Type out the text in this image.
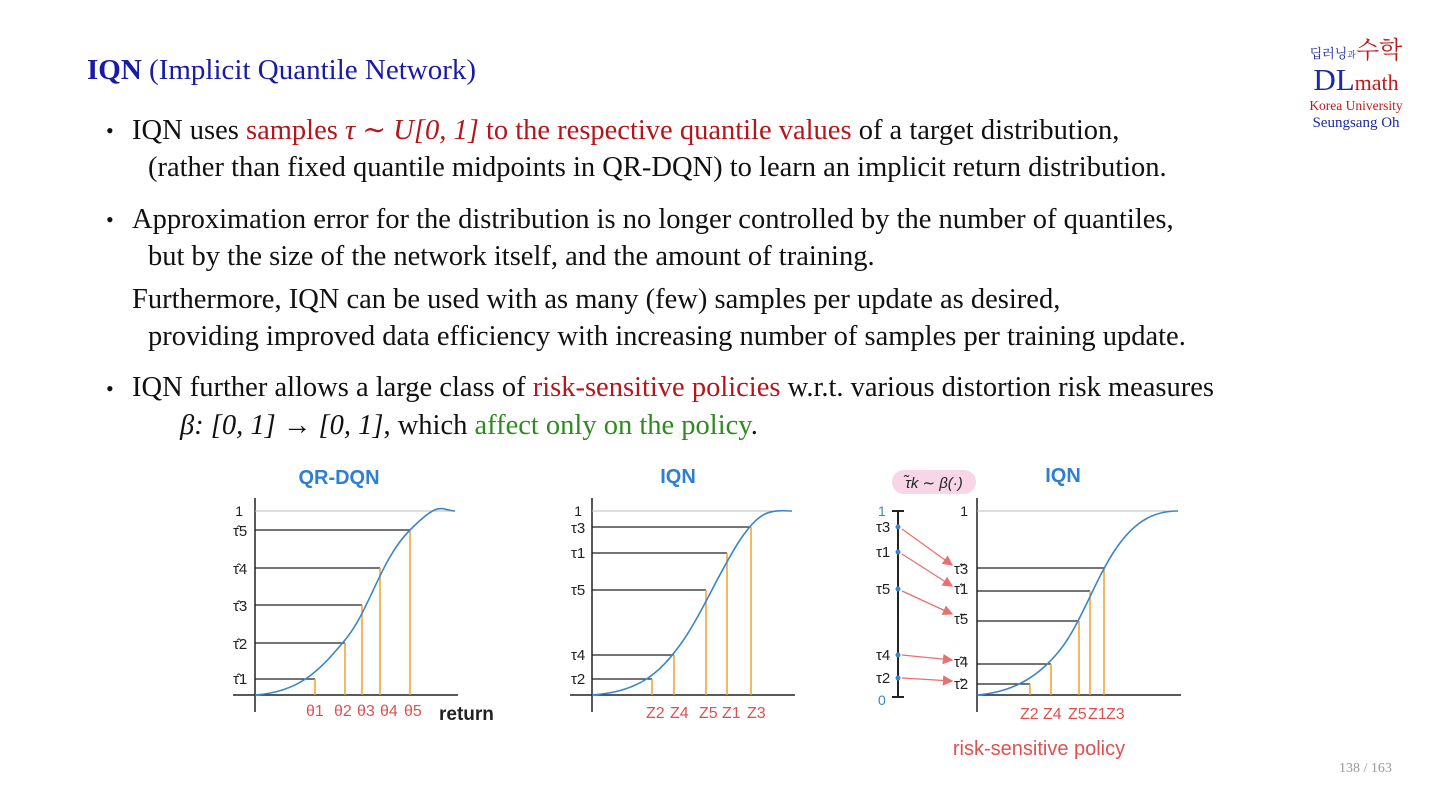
IQN (Implicit Quantile Network)
• IQN uses samples τ ∼ U[0, 1] to the respective quantile values of a target distribution,
(rather than fixed quantile midpoints in QR-DQN) to learn an implicit return distribution.
• Approximation error for the distribution is no longer controlled by the number of quantiles,
but by the size of the network itself, and the amount of training.
Furthermore, IQN can be used with as many (few) samples per update as desired,
providing improved data efficiency with increasing number of samples per training update.
• IQN further allows a large class of risk-sensitive policies w.r.t. various distortion risk measures
β: [0, 1] → [0, 1], which affect only on the policy.
딥러닝과수학
DLmath
Korea University
Seungsang Oh
QR-DQN
1
τ̂5
τ̂4
τ̂3
τ̂2
τ̂1
θ1 θ2 θ3 θ4 θ5 return
IQN
1
τ3
τ1
τ5
τ4
τ2
Z2 Z4 Z5 Z1 Z3
τ̃k ∼ β(·)	IQN
1
0
τ3
τ1
τ5
τ4
τ2
τ̃3
τ̃1
τ̃5
τ̃4
τ̃2
1
Z2 Z4 Z5 Z1 Z3
risk-sensitive policy
138 / 163
